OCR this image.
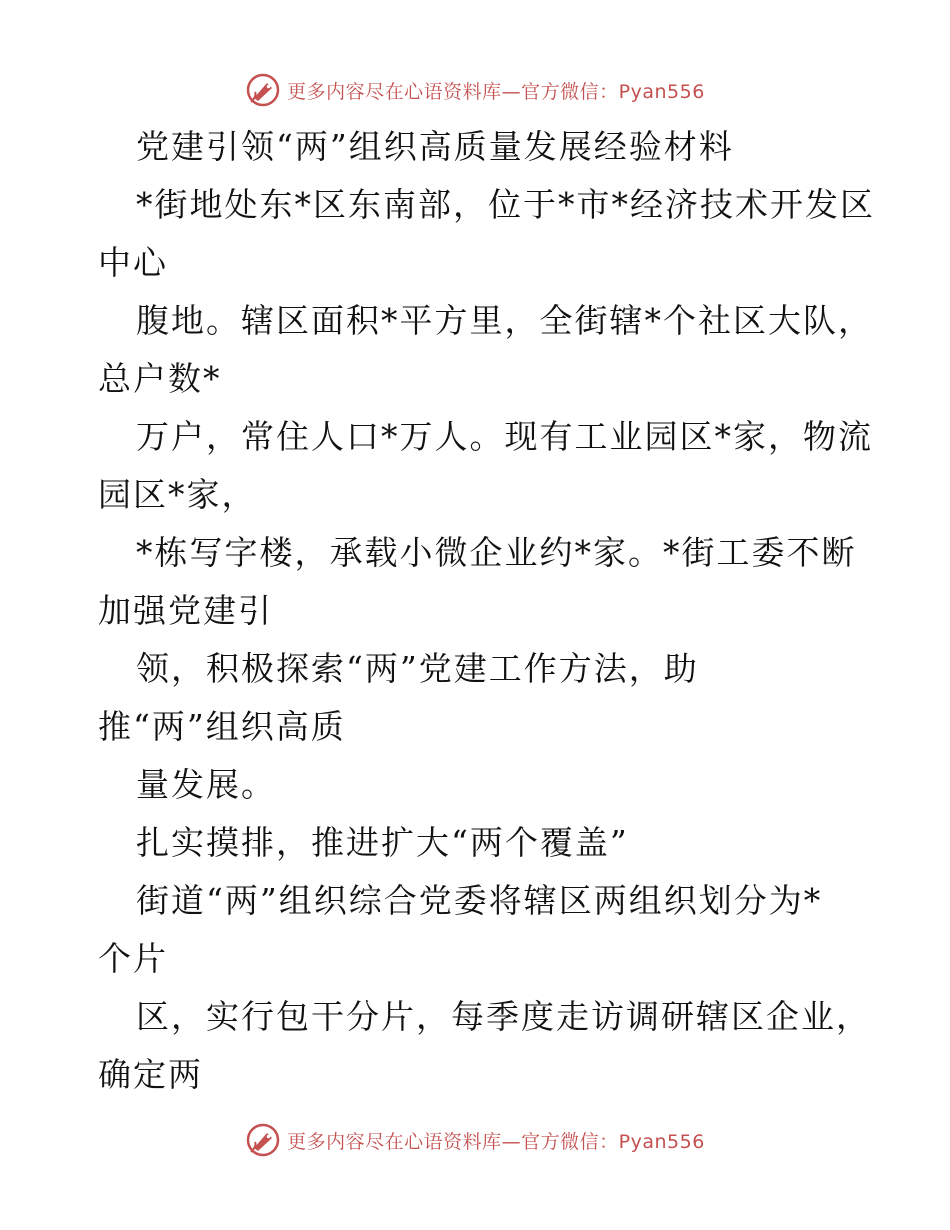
更多内容尽在心语资料库—官方微信：Pyan556
党建引领“两”组织高质量发展经验材料
*街地处东*区东南部，位于*市*经济技术开发区
中心
腹地。辖区面积*平方里，全街辖*个社区大队，
总户数*
万户，常住人口*万人。现有工业园区*家，物流
园区*家，
*栋写字楼，承载小微企业约*家。*街工委不断
加强党建引
领，积极探索“两”党建工作方法，助
推“两”组织高质
量发展。
扎实摸排，推进扩大“两个覆盖”
街道“两”组织综合党委将辖区两组织划分为*
个片
区，实行包干分片，每季度走访调研辖区企业，
确定两
更多内容尽在心语资料库—官方微信：Pyan556
